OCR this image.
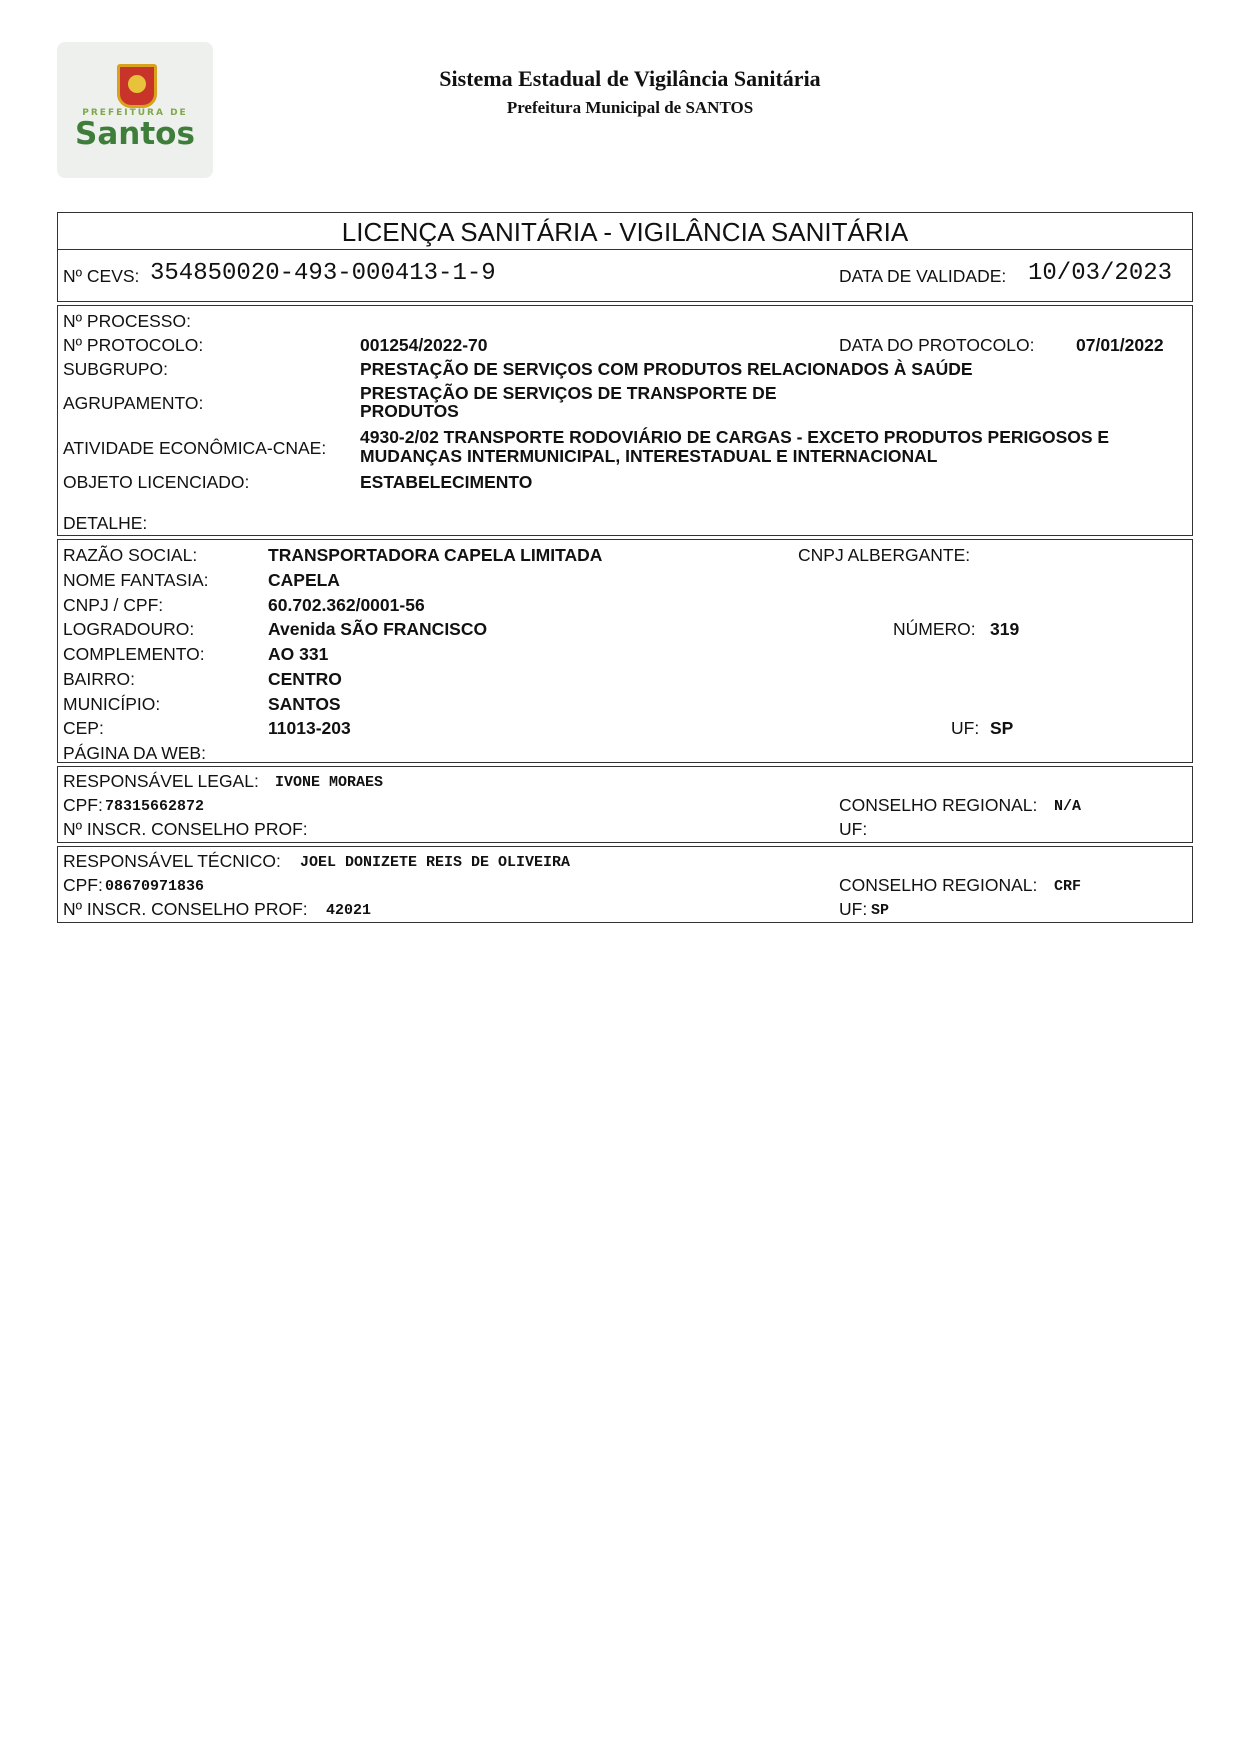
PREFEITURA DE
Santos
Sistema Estadual de Vigilância Sanitária
Prefeitura Municipal de SANTOS
LICENÇA SANITÁRIA - VIGILÂNCIA SANITÁRIA
Nº CEVS: 354850020-493-000413-1-9	DATA DE VALIDADE: 10/03/2023
Nº PROCESSO:
Nº PROTOCOLO:	001254/2022-70	DATA DO PROTOCOLO: 07/01/2022
SUBGRUPO:	PRESTAÇÃO DE SERVIÇOS COM PRODUTOS RELACIONADOS À SAÚDE
AGRUPAMENTO:	PRESTAÇÃO DE SERVIÇOS DE TRANSPORTE DE
PRODUTOS
ATIVIDADE ECONÔMICA-CNAE:
4930-2/02 TRANSPORTE RODOVIÁRIO DE CARGAS - EXCETO PRODUTOS PERIGOSOS E
MUDANÇAS INTERMUNICIPAL, INTERESTADUAL E INTERNACIONAL
OBJETO LICENCIADO:	ESTABELECIMENTO
DETALHE:
RAZÃO SOCIAL:	TRANSPORTADORA CAPELA LIMITADA	CNPJ ALBERGANTE:
NOME FANTASIA:	CAPELA
CNPJ / CPF:	60.702.362/0001-56
LOGRADOURO:	Avenida SÃO FRANCISCO	NÚMERO: 319
COMPLEMENTO:	AO 331
BAIRRO:	CENTRO
MUNICÍPIO:	SANTOS
CEP:	11013-203	UF: SP
PÁGINA DA WEB:
RESPONSÁVEL LEGAL: IVONE MORAES
CPF: 78315662872	CONSELHO REGIONAL: N/A
Nº INSCR. CONSELHO PROF:	UF:
RESPONSÁVEL TÉCNICO: JOEL DONIZETE REIS DE OLIVEIRA
CPF: 08670971836	CONSELHO REGIONAL: CRF
Nº INSCR. CONSELHO PROF: 42021	UF: SP
